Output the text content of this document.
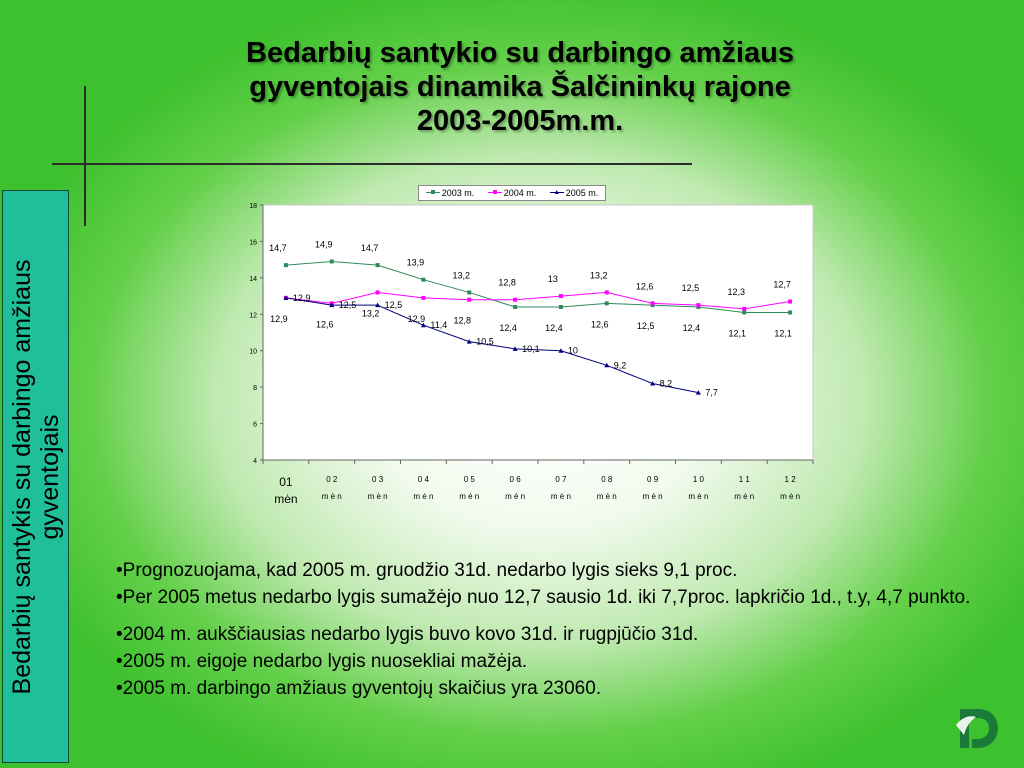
Bedarbių santykio su darbingo amžiaus
gyventojais dinamika Šalčininkų rajone
2003-2005m.m.
Bedarbių santykis su darbingo amžiaus gyventojais	4
6
8
10
12
14
16
18
01
mėn
0 2
m ė n
0 3
m ė n
0 4
m ė n
0 5
m ė n
0 6
m ė n
0 7
m ė n
0 8
m ė n
0 9
m ė n
1 0
m ė n
1 1
m ė n
1 2
m ė n
14,7	14,9	14,7
13,9
13,2
12,8	13	13,2
12,6	12,5	12,3
12,7
12,9
12,6
13,2
12,9	12,8
12,4	12,4	12,6	12,5	12,4
12,1	12,1
12,9
12,5	12,5
11,4
10,5
10,1	10
9,2
8,2
7,7
2003 m.	2004 m.	2005 m.

•Prognozuojama, kad 2005 m. gruodžio 31d. nedarbo lygis sieks 9,1 proc.

•Per 2005 metus nedarbo lygis sumažėjo nuo 12,7 sausio 1d. iki 7,7proc. lapkričio 1d., t.y, 4,7 punkto.

•2004 m. aukščiausias nedarbo lygis buvo kovo 31d. ir rugpjūčio 31d.

•2005 m. eigoje nedarbo lygis nuosekliai mažėja.

•2005 m. darbingo amžiaus gyventojų skaičius yra 23060.
